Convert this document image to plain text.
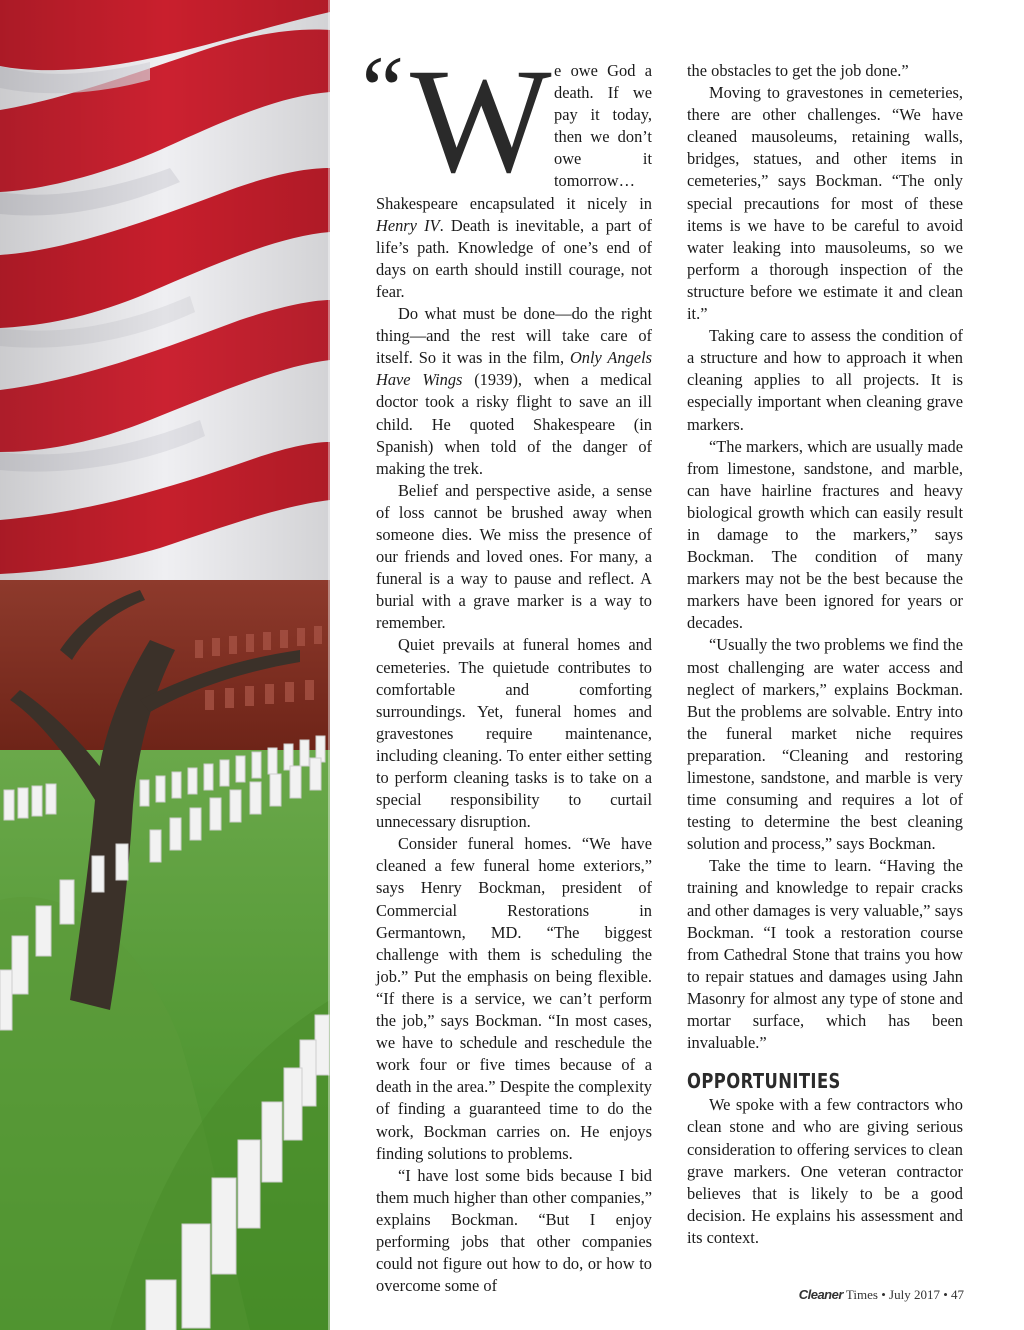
“ W e owe God a death. If we pay it today, then we don’t owe it tomorrow… Shakespeare encapsulated it nicely in Henry IV. Death is inevitable, a part of life’s path. Knowledge of one’s end of days on earth should instill courage, not fear.

Do what must be done—do the right thing—and the rest will take care of itself. So it was in the film, Only Angels Have Wings (1939), when a medical doctor took a risky flight to save an ill child. He quoted Shakespeare (in Spanish) when told of the danger of making the trek.

Belief and perspective aside, a sense of loss cannot be brushed away when someone dies. We miss the presence of our friends and loved ones. For many, a funeral is a way to pause and reflect. A burial with a grave marker is a way to remember.

Quiet prevails at funeral homes and cemeteries. The quietude contributes to comfortable and comforting surroundings. Yet, funeral homes and gravestones require maintenance, including cleaning. To enter either setting to perform cleaning tasks is to take on a special responsibility to curtail unnecessary disruption.

Consider funeral homes. “We have cleaned a few funeral home exteriors,” says Henry Bockman, president of Commercial Restorations in Germantown, MD. “The biggest challenge with them is scheduling the job.” Put the emphasis on being flexible. “If there is a service, we can’t perform the job,” says Bockman. “In most cases, we have to schedule and reschedule the work four or five times because of a death in the area.” Despite the complexity of finding a guaranteed time to do the work, Bockman carries on. He enjoys finding solutions to problems.

“I have lost some bids because I bid them much higher than other companies,” explains Bockman. “But I enjoy performing jobs that other companies could not figure out how to do, or how to overcome some of

the obstacles to get the job done.”

Moving to gravestones in cemeteries, there are other challenges. “We have cleaned mausoleums, retaining walls, bridges, statues, and other items in cemeteries,” says Bockman. “The only special precautions for most of these items is we have to be careful to avoid water leaking into mausoleums, so we perform a thorough inspection of the structure before we estimate it and clean it.”

Taking care to assess the condition of a structure and how to approach it when cleaning applies to all projects. It is especially important when cleaning grave markers.

“The markers, which are usually made from limestone, sandstone, and marble, can have hairline fractures and heavy biological growth which can easily result in damage to the markers,” says Bockman. The condition of many markers may not be the best because the markers have been ignored for years or decades.

“Usually the two problems we find the most challenging are water access and neglect of markers,” explains Bockman. But the problems are solvable. Entry into the funeral market niche requires preparation. “Cleaning and restoring limestone, sandstone, and marble is very time consuming and requires a lot of testing to determine the best cleaning solution and process,” says Bockman.

Take the time to learn. “Having the training and knowledge to repair cracks and other damages is very valuable,” says Bockman. “I took a restoration course from Cathedral Stone that trains you how to repair statues and damages using Jahn Masonry for almost any type of stone and mortar surface, which has been invaluable.”

OPPORTUNITIES

We spoke with a few contractors who clean stone and who are giving serious consideration to offering services to clean grave markers. One veteran contractor believes that is likely to be a good decision. He explains his assessment and its context.

Cleaner Times • July 2017 • 47
